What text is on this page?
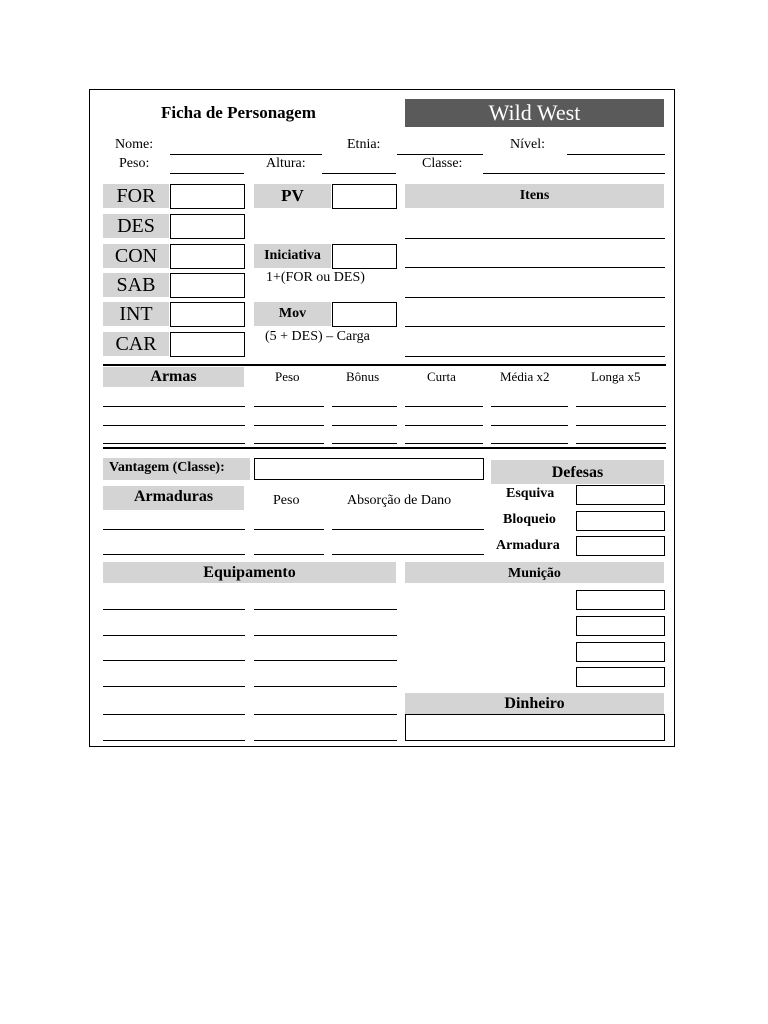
Ficha de Personagem	Wild West
Nome:	Etnia:	Nível:
Peso:	Altura:	Classe:
FOR
DES
CON
SAB
INT
CAR
PV
Iniciativa
1+(FOR ou DES)
Mov
(5 + DES) – Carga
Itens
Armas	Peso	Bônus	Curta	Média x2	Longa x5
Vantagem (Classe):
Armaduras	Peso	Absorção de Dano
Defesas
Esquiva
Bloqueio
Armadura
Equipamento	Munição
Dinheiro
